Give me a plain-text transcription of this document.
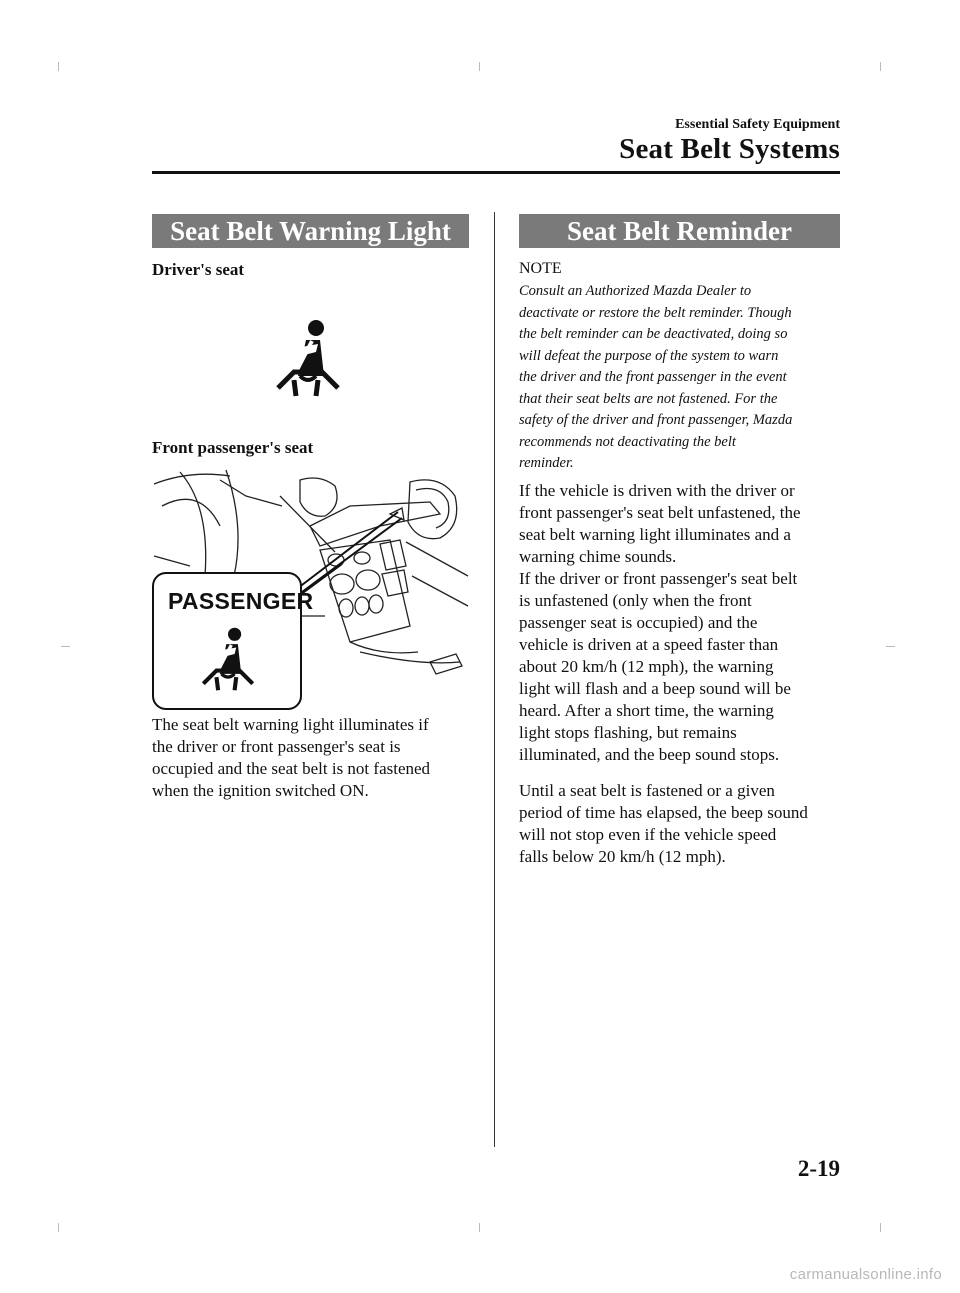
Essential Safety Equipment
Seat Belt Systems
Seat Belt Warning Light
Driver's seat
Front passenger's seat
PASSENGER
The seat belt warning light illuminates if
the driver or front passenger's seat is
occupied and the seat belt is not fastened
when the ignition switched ON.
Seat Belt Reminder
NOTE
Consult an Authorized Mazda Dealer to
deactivate or restore the belt reminder. Though
the belt reminder can be deactivated, doing so
will defeat the purpose of the system to warn
the driver and the front passenger in the event
that their seat belts are not fastened. For the
safety of the driver and front passenger, Mazda
recommends not deactivating the belt
reminder.
If the vehicle is driven with the driver or
front passenger's seat belt unfastened, the
seat belt warning light illuminates and a
warning chime sounds.
If the driver or front passenger's seat belt
is unfastened (only when the front
passenger seat is occupied) and the
vehicle is driven at a speed faster than
about 20 km/h (12 mph), the warning
light will flash and a beep sound will be
heard. After a short time, the warning
light stops flashing, but remains
illuminated, and the beep sound stops.
Until a seat belt is fastened or a given
period of time has elapsed, the beep sound
will not stop even if the vehicle speed
falls below 20 km/h (12 mph).
2-19
carmanualsonline.info
